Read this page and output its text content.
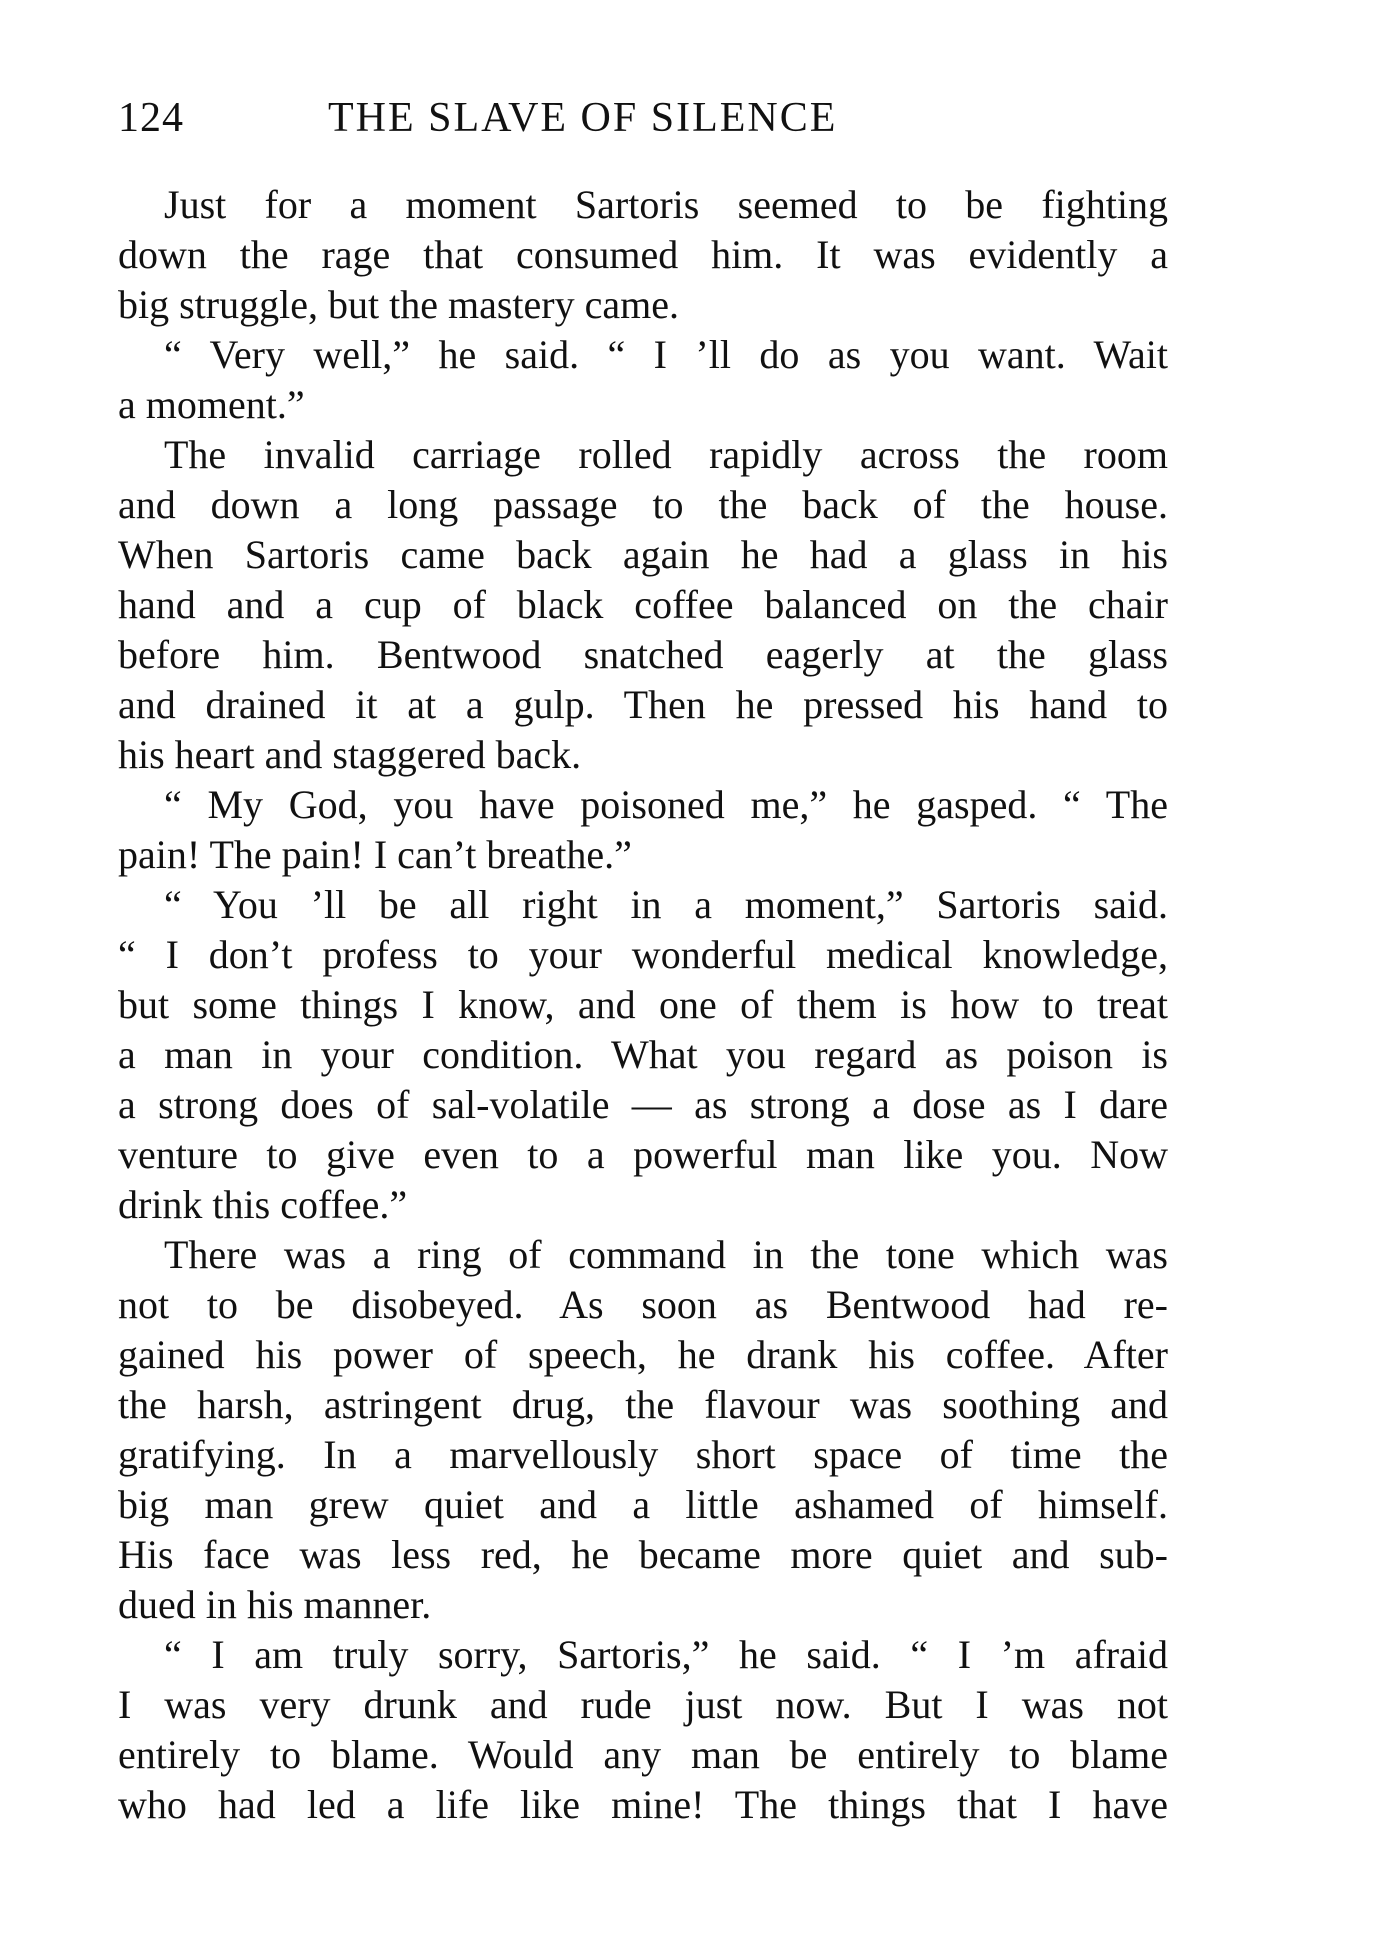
124	THE SLAVE OF SILENCE
Just for a moment Sartoris seemed to be fighting
down the rage that consumed him. It was evidently a
big struggle, but the mastery came.
“ Very well,” he said. “ I ’ll do as you want. Wait
a moment.”
The invalid carriage rolled rapidly across the room
and down a long passage to the back of the house.
When Sartoris came back again he had a glass in his
hand and a cup of black coffee balanced on the chair
before him. Bentwood snatched eagerly at the glass
and drained it at a gulp. Then he pressed his hand to
his heart and staggered back.
“ My God, you have poisoned me,” he gasped. “ The
pain! The pain! I can’t breathe.”
“ You ’ll be all right in a moment,” Sartoris said.
“ I don’t profess to your wonderful medical knowledge,
but some things I know, and one of them is how to treat
a man in your condition. What you regard as poison is
a strong does of sal-volatile — as strong a dose as I dare
venture to give even to a powerful man like you. Now
drink this coffee.”
There was a ring of command in the tone which was
not to be disobeyed. As soon as Bentwood had re-
gained his power of speech, he drank his coffee. After
the harsh, astringent drug, the flavour was soothing and
gratifying. In a marvellously short space of time the
big man grew quiet and a little ashamed of himself.
His face was less red, he became more quiet and sub-
dued in his manner.
“ I am truly sorry, Sartoris,” he said. “ I ’m afraid
I was very drunk and rude just now. But I was not
entirely to blame. Would any man be entirely to blame
who had led a life like mine! The things that I have
